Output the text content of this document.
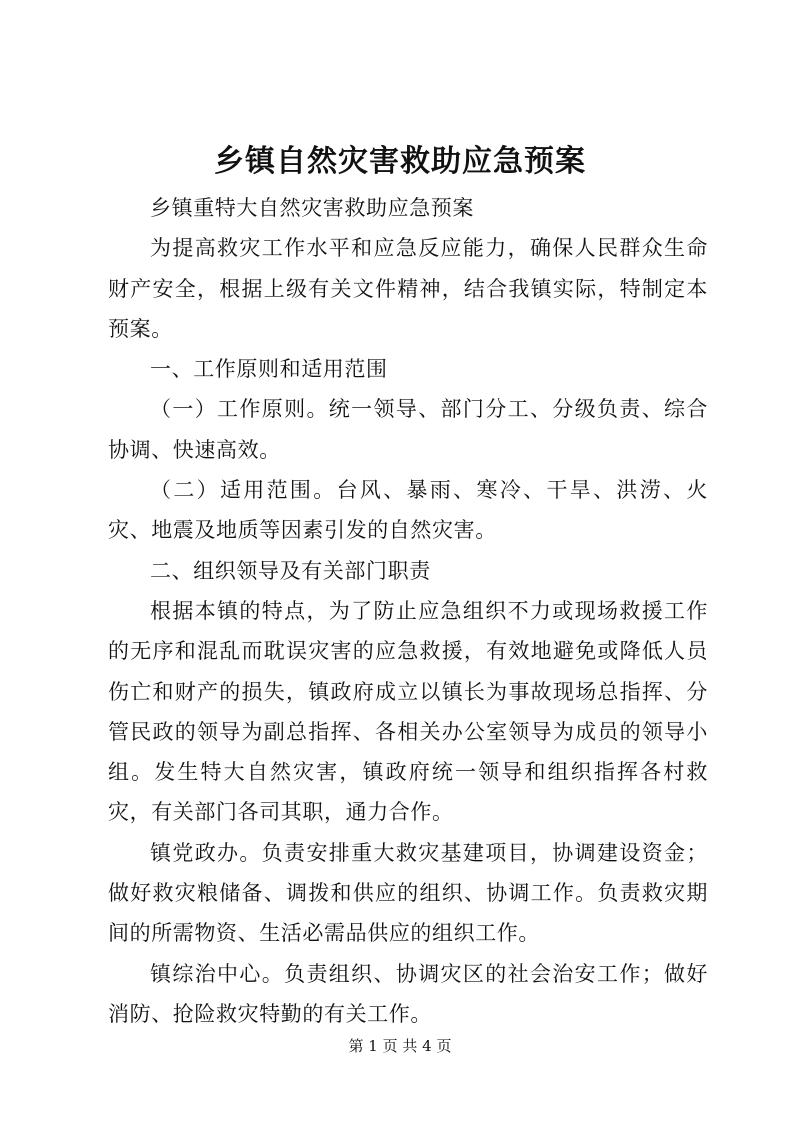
乡镇自然灾害救助应急预案

乡镇重特大自然灾害救助应急预案

为提高救灾工作水平和应急反应能力，确保人民群众生命财产安全，根据上级有关文件精神，结合我镇实际，特制定本预案。

一、工作原则和适用范围

（一）工作原则。统一领导、部门分工、分级负责、综合协调、快速高效。

（二）适用范围。台风、暴雨、寒冷、干旱、洪涝、火灾、地震及地质等因素引发的自然灾害。

二、组织领导及有关部门职责

根据本镇的特点，为了防止应急组织不力或现场救援工作的无序和混乱而耽误灾害的应急救援，有效地避免或降低人员伤亡和财产的损失，镇政府成立以镇长为事故现场总指挥、分管民政的领导为副总指挥、各相关办公室领导为成员的领导小组。发生特大自然灾害，镇政府统一领导和组织指挥各村救灾，有关部门各司其职，通力合作。

镇党政办。负责安排重大救灾基建项目，协调建设资金；做好救灾粮储备、调拨和供应的组织、协调工作。负责救灾期间的所需物资、生活必需品供应的组织工作。

镇综治中心。负责组织、协调灾区的社会治安工作；做好消防、抢险救灾特勤的有关工作。

第 1 页 共 4 页
